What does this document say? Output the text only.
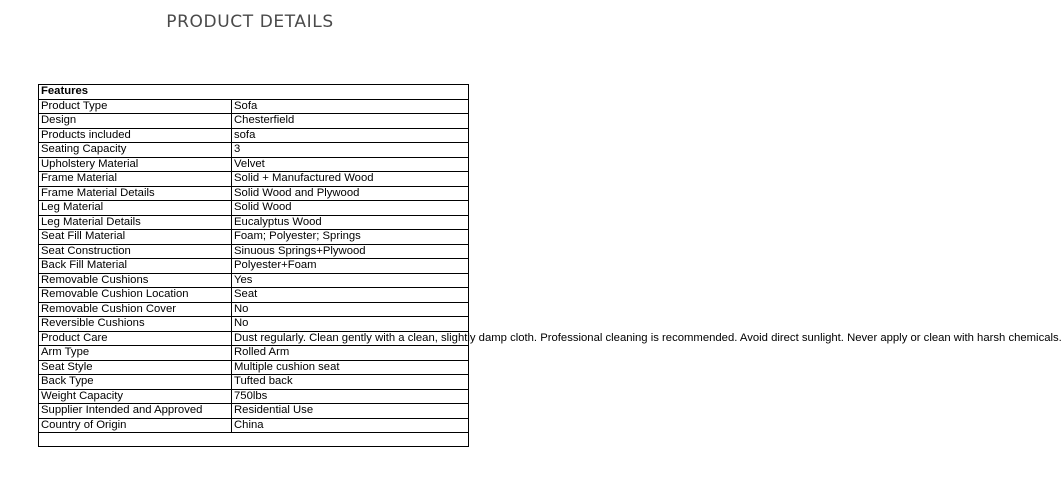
PRODUCT DETAILS
Features	
Product Type	Sofa
Design	Chesterfield
Products included	sofa
Seating Capacity	3
Upholstery Material	Velvet
Frame Material	Solid + Manufactured Wood
Frame Material Details	Solid Wood and Plywood
Leg Material	Solid Wood
Leg Material Details	Eucalyptus Wood
Seat Fill Material	Foam; Polyester; Springs
Seat Construction	Sinuous Springs+Plywood
Back Fill Material	Polyester+Foam
Removable Cushions	Yes
Removable Cushion Location	Seat
Removable Cushion Cover	No
Reversible Cushions	No
Product Care	Dust regularly. Clean gently with a clean, slightly damp cloth. Professional cleaning is recommended. Avoid direct sunlight. Never apply or clean with harsh chemicals.
Arm Type	Rolled Arm
Seat Style	Multiple cushion seat
Back Type	Tufted back
Weight Capacity	750lbs
Supplier Intended and Approved	Residential Use
Country of Origin	China
